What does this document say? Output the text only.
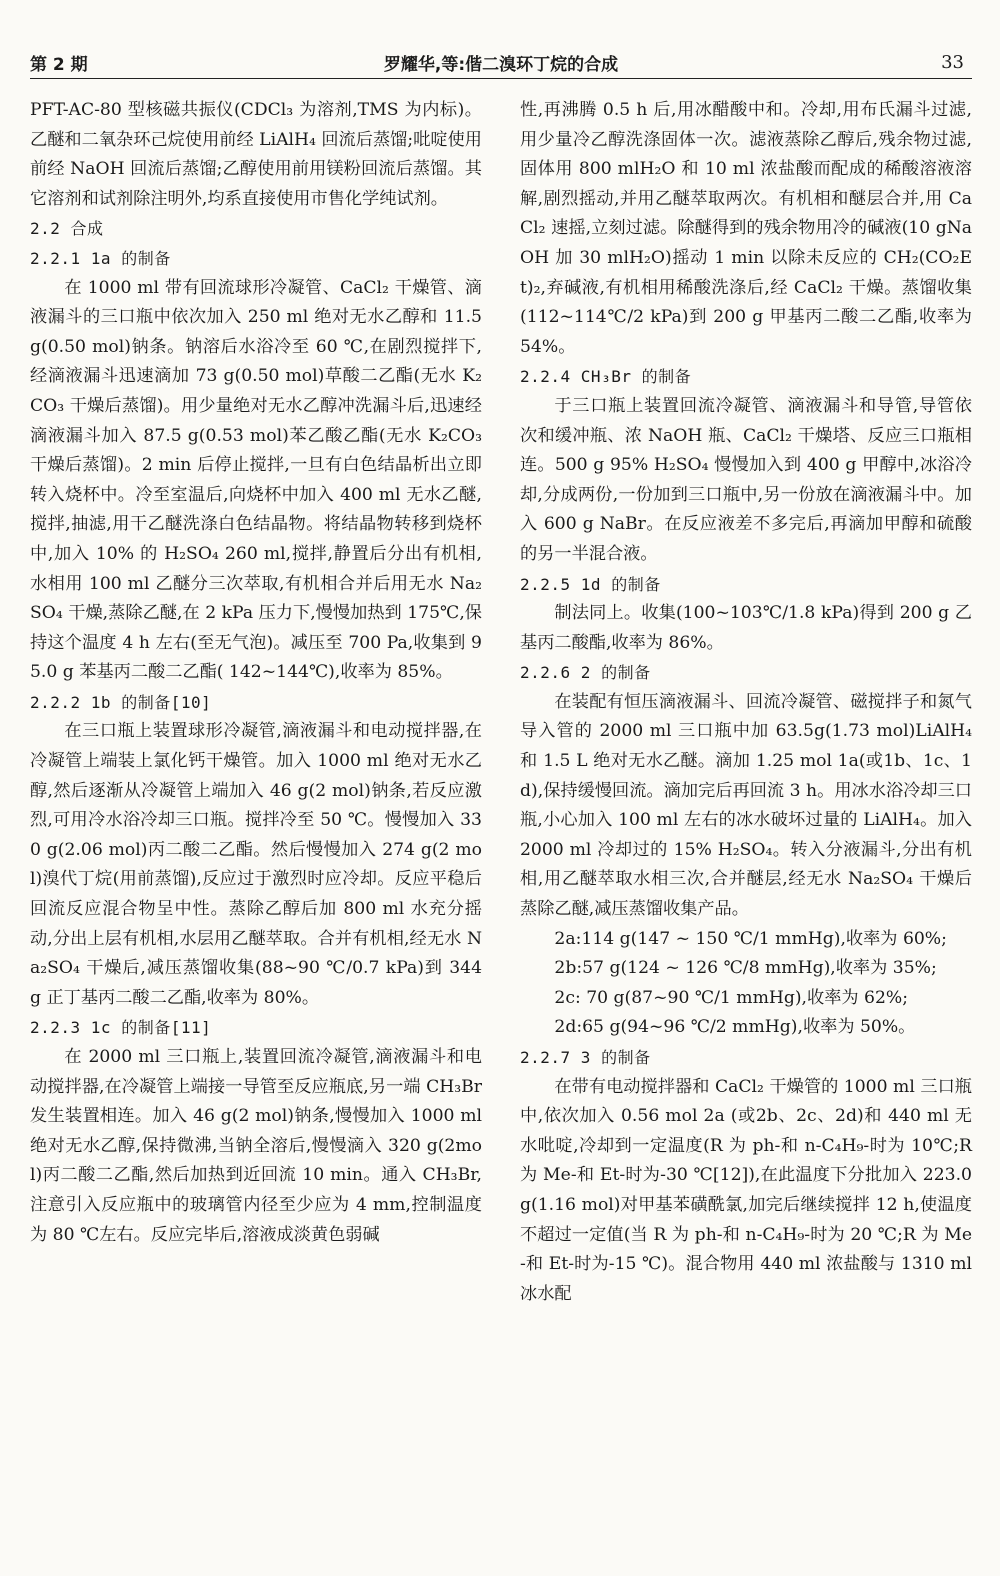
第 2 期	罗耀华,等:偕二溴环丁烷的合成	33

PFT-AC-80 型核磁共振仪(CDCl₃ 为溶剂,TMS 为内标)。乙醚和二氧杂环己烷使用前经 LiAlH₄ 回流后蒸馏;吡啶使用前经 NaOH 回流后蒸馏;乙醇使用前用镁粉回流后蒸馏。其它溶剂和试剂除注明外,均系直接使用市售化学纯试剂。

2.2 合成

2.2.1 1a 的制备

在 1000 ml 带有回流球形冷凝管、CaCl₂ 干燥管、滴液漏斗的三口瓶中依次加入 250 ml 绝对无水乙醇和 11.5 g(0.50 mol)钠条。钠溶后水浴冷至 60 ℃,在剧烈搅拌下,经滴液漏斗迅速滴加 73 g(0.50 mol)草酸二乙酯(无水 K₂CO₃ 干燥后蒸馏)。用少量绝对无水乙醇冲洗漏斗后,迅速经滴液漏斗加入 87.5 g(0.53 mol)苯乙酸乙酯(无水 K₂CO₃ 干燥后蒸馏)。2 min 后停止搅拌,一旦有白色结晶析出立即转入烧杯中。冷至室温后,向烧杯中加入 400 ml 无水乙醚,搅拌,抽滤,用干乙醚洗涤白色结晶物。将结晶物转移到烧杯中,加入 10% 的 H₂SO₄ 260 ml,搅拌,静置后分出有机相,水相用 100 ml 乙醚分三次萃取,有机相合并后用无水 Na₂SO₄ 干燥,蒸除乙醚,在 2 kPa 压力下,慢慢加热到 175℃,保持这个温度 4 h 左右(至无气泡)。减压至 700 Pa,收集到 95.0 g 苯基丙二酸二乙酯( 142~144℃),收率为 85%。

2.2.2 1b 的制备[10]

在三口瓶上装置球形冷凝管,滴液漏斗和电动搅拌器,在冷凝管上端装上氯化钙干燥管。加入 1000 ml 绝对无水乙醇,然后逐渐从冷凝管上端加入 46 g(2 mol)钠条,若反应激烈,可用冷水浴冷却三口瓶。搅拌冷至 50 ℃。慢慢加入 330 g(2.06 mol)丙二酸二乙酯。然后慢慢加入 274 g(2 mol)溴代丁烷(用前蒸馏),反应过于激烈时应冷却。反应平稳后回流反应混合物呈中性。蒸除乙醇后加 800 ml 水充分摇动,分出上层有机相,水层用乙醚萃取。合并有机相,经无水 Na₂SO₄ 干燥后,减压蒸馏收集(88~90 ℃/0.7 kPa)到 344 g 正丁基丙二酸二乙酯,收率为 80%。

2.2.3 1c 的制备[11]

在 2000 ml 三口瓶上,装置回流冷凝管,滴液漏斗和电动搅拌器,在冷凝管上端接一导管至反应瓶底,另一端 CH₃Br 发生装置相连。加入 46 g(2 mol)钠条,慢慢加入 1000 ml 绝对无水乙醇,保持微沸,当钠全溶后,慢慢滴入 320 g(2mol)丙二酸二乙酯,然后加热到近回流 10 min。通入 CH₃Br,注意引入反应瓶中的玻璃管内径至少应为 4 mm,控制温度为 80 ℃左右。反应完毕后,溶液成淡黄色弱碱

性,再沸腾 0.5 h 后,用冰醋酸中和。冷却,用布氏漏斗过滤,用少量冷乙醇洗涤固体一次。滤液蒸除乙醇后,残余物过滤,固体用 800 mlH₂O 和 10 ml 浓盐酸而配成的稀酸溶液溶解,剧烈摇动,并用乙醚萃取两次。有机相和醚层合并,用 CaCl₂ 速摇,立刻过滤。除醚得到的残余物用冷的碱液(10 gNaOH 加 30 mlH₂O)摇动 1 min 以除未反应的 CH₂(CO₂Et)₂,弃碱液,有机相用稀酸洗涤后,经 CaCl₂ 干燥。蒸馏收集(112~114℃/2 kPa)到 200 g 甲基丙二酸二乙酯,收率为 54%。

2.2.4 CH₃Br 的制备

于三口瓶上装置回流冷凝管、滴液漏斗和导管,导管依次和缓冲瓶、浓 NaOH 瓶、CaCl₂ 干燥塔、反应三口瓶相连。500 g 95% H₂SO₄ 慢慢加入到 400 g 甲醇中,冰浴冷却,分成两份,一份加到三口瓶中,另一份放在滴液漏斗中。加入 600 g NaBr。在反应液差不多完后,再滴加甲醇和硫酸的另一半混合液。

2.2.5 1d 的制备

制法同上。收集(100~103℃/1.8 kPa)得到 200 g 乙基丙二酸酯,收率为 86%。

2.2.6 2 的制备

在装配有恒压滴液漏斗、回流冷凝管、磁搅拌子和氮气导入管的 2000 ml 三口瓶中加 63.5g(1.73 mol)LiAlH₄ 和 1.5 L 绝对无水乙醚。滴加 1.25 mol 1a(或1b、1c、1d),保持缓慢回流。滴加完后再回流 3 h。用冰水浴冷却三口瓶,小心加入 100 ml 左右的冰水破坏过量的 LiAlH₄。加入 2000 ml 冷却过的 15% H₂SO₄。转入分液漏斗,分出有机相,用乙醚萃取水相三次,合并醚层,经无水 Na₂SO₄ 干燥后蒸除乙醚,减压蒸馏收集产品。

2a:114 g(147 ~ 150 ℃/1 mmHg),收率为 60%;

2b:57 g(124 ~ 126 ℃/8 mmHg),收率为 35%;

2c: 70 g(87~90 ℃/1 mmHg),收率为 62%;

2d:65 g(94~96 ℃/2 mmHg),收率为 50%。

2.2.7 3 的制备

在带有电动搅拌器和 CaCl₂ 干燥管的 1000 ml 三口瓶中,依次加入 0.56 mol 2a (或2b、2c、2d)和 440 ml 无水吡啶,冷却到一定温度(R 为 ph-和 n-C₄H₉-时为 10℃;R 为 Me-和 Et-时为-30 ℃[12]),在此温度下分批加入 223.0 g(1.16 mol)对甲基苯磺酰氯,加完后继续搅拌 12 h,使温度不超过一定值(当 R 为 ph-和 n-C₄H₉-时为 20 ℃;R 为 Me-和 Et-时为-15 ℃)。混合物用 440 ml 浓盐酸与 1310 ml 冰水配
